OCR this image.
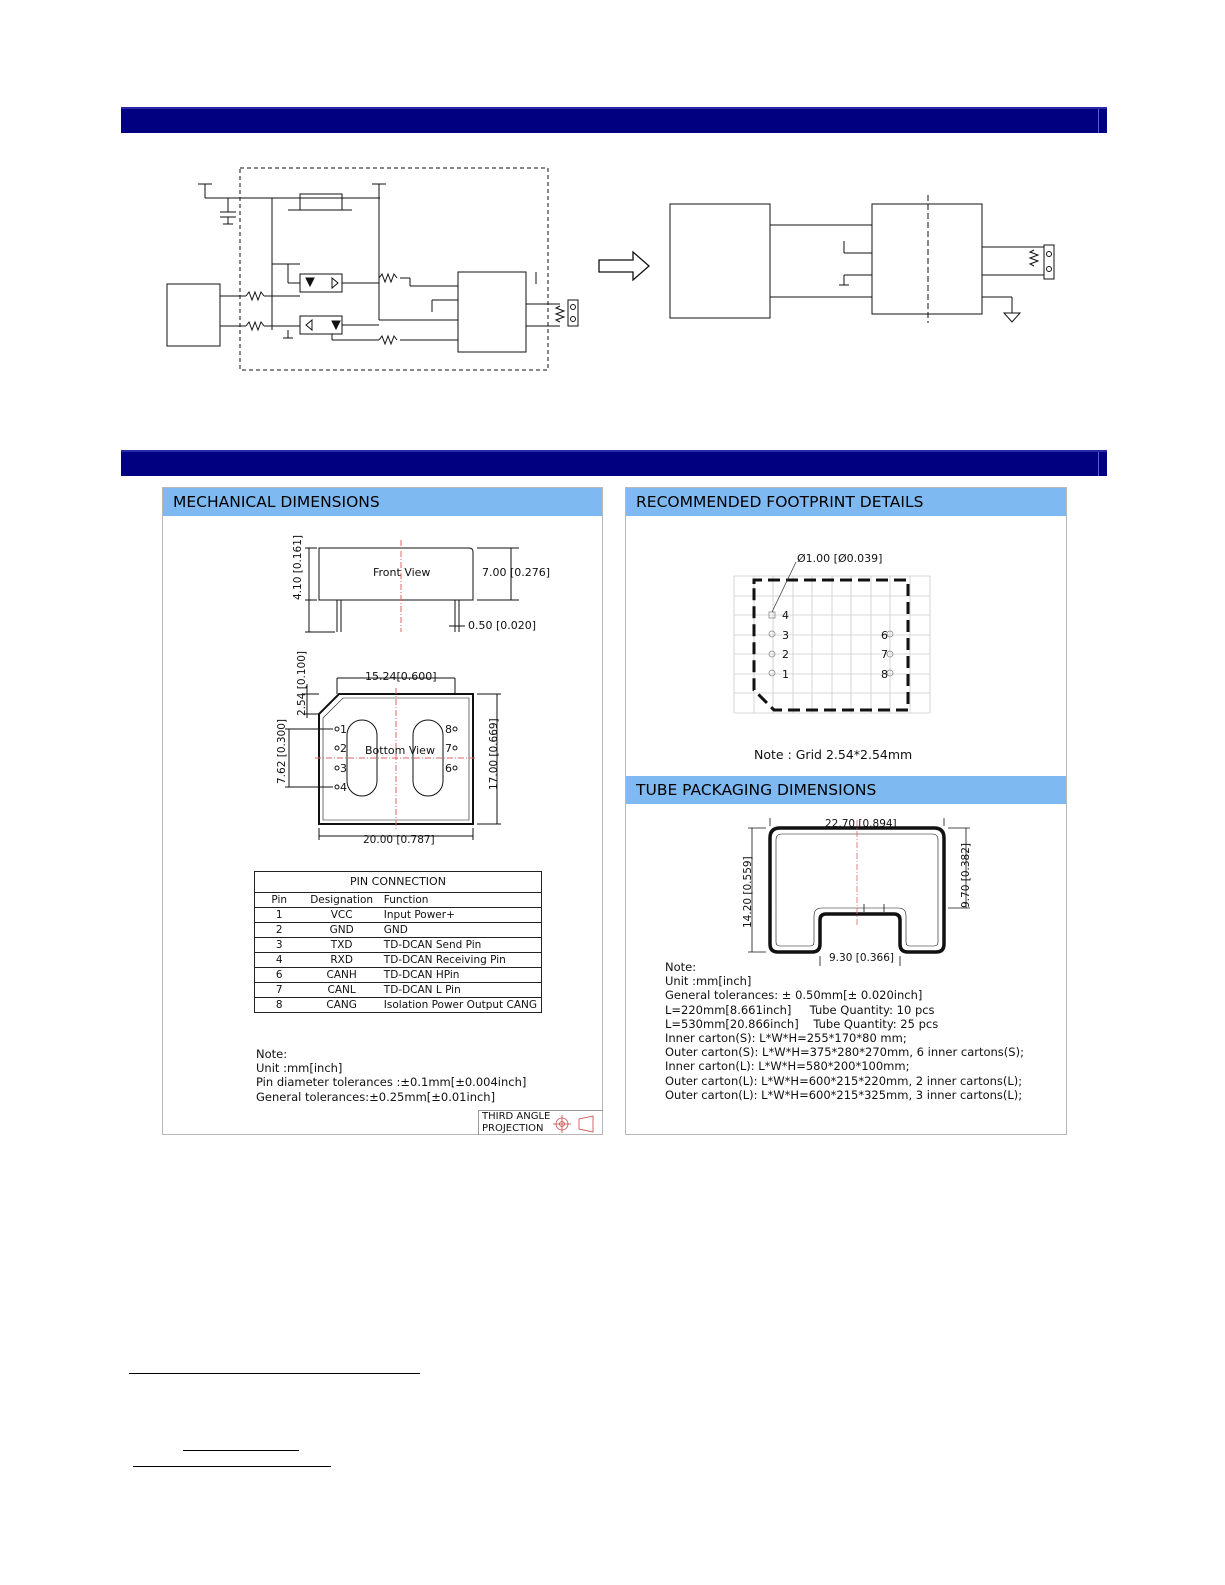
MECHANICAL DIMENSIONS
4.10 [0.161]	Front View	7.00 [0.276]
0.50 [0.020]
2.54 [0.100]	15.24[0.600]
7.62 [0.300]	Bottom View	17.00 [0.669]
20.00 [0.787]
1
2
3
4
8
7
6
PIN CONNECTION
Pin	Designation	Function
1	VCC	Input Power+
2	GND	GND
3	TXD	TD-DCAN Send Pin
4	RXD	TD-DCAN Receiving Pin
6	CANH	TD-DCAN HPin
7	CANL	TD-DCAN L Pin
8	CANG	Isolation Power Output CANG
Note:
Unit :mm[inch]
Pin diameter tolerances :±0.1mm[±0.004inch]
General tolerances:±0.25mm[±0.01inch]
THIRD ANGLE
PROJECTION
RECOMMENDED FOOTPRINT DETAILS
Ø1.00 [Ø0.039]
4
3
2
1
6
7
8
Note : Grid 2.54*2.54mm
TUBE PACKAGING DIMENSIONS
22.70 [0.894]
14.20 [0.559]	9.70 [0.382]
9.30 [0.366]
Note:
Unit :mm[inch]
General tolerances: ± 0.50mm[± 0.020inch]
L=220mm[8.661inch]     Tube Quantity: 10 pcs
L=530mm[20.866inch]    Tube Quantity: 25 pcs
Inner carton(S): L*W*H=255*170*80 mm;
Outer carton(S): L*W*H=375*280*270mm, 6 inner cartons(S);
Inner carton(L): L*W*H=580*200*100mm;
Outer carton(L): L*W*H=600*215*220mm, 2 inner cartons(L);
Outer carton(L): L*W*H=600*215*325mm, 3 inner cartons(L);
